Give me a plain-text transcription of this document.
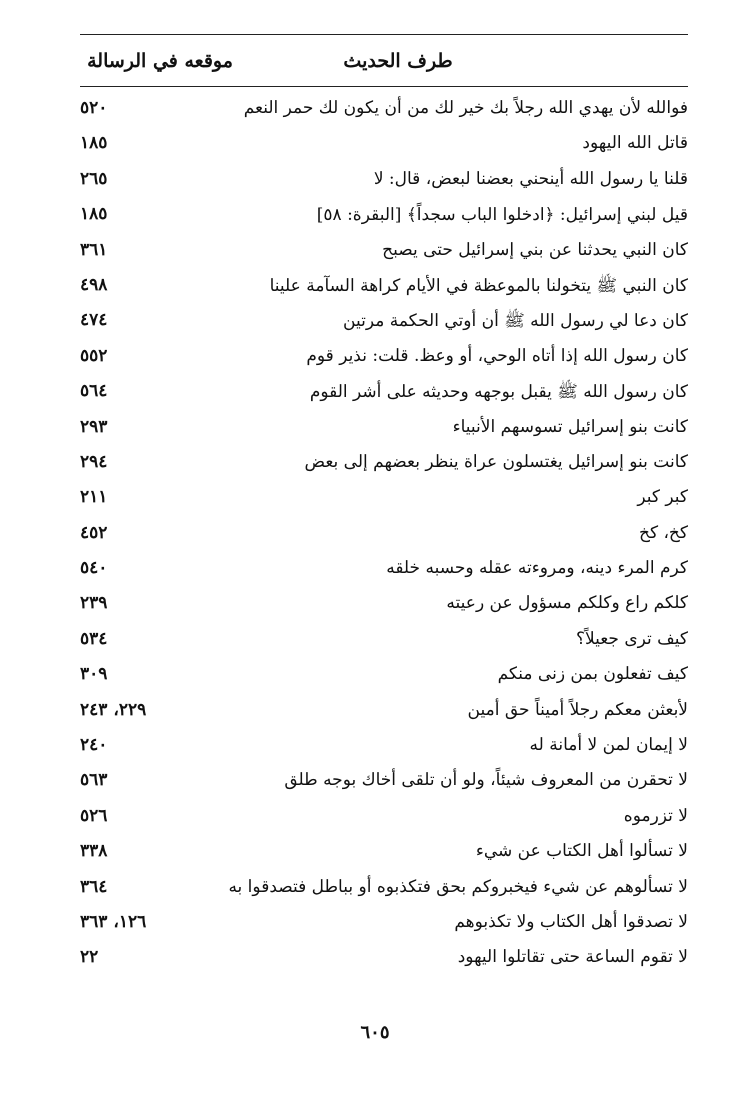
طرف الحديث
موقعه في الرسالة
فوالله لأن يهدي الله رجلاً بك خير لك من أن يكون لك حمر النعم
٥٢٠
قاتل الله اليهود
١٨٥
قلنا يا رسول الله أينحني بعضنا لبعض، قال: لا
٢٦٥
قيل لبني إسرائيل: ﴿ادخلوا الباب سجداً﴾ [البقرة: ٥٨]
١٨٥
كان النبي يحدثنا عن بني إسرائيل حتى يصبح
٣٦١
كان النبي ﷺ يتخولنا بالموعظة في الأيام كراهة السآمة علينا
٤٩٨
كان دعا لي رسول الله ﷺ أن أوتي الحكمة مرتين
٤٧٤
كان رسول الله إذا أتاه الوحي، أو وعظ. قلت: نذير قوم
٥٥٢
كان رسول الله ﷺ يقبل بوجهه وحديثه على أشر القوم
٥٦٤
كانت بنو إسرائيل تسوسهم الأنبياء
٢٩٣
كانت بنو إسرائيل يغتسلون عراة ينظر بعضهم إلى بعض
٢٩٤
كبر كبر
٢١١
كخ، كخ
٤٥٢
كرم المرء دينه، ومروءته عقله وحسبه خلقه
٥٤٠
كلكم راع وكلكم مسؤول عن رعيته
٢٣٩
كيف ترى جعيلاً؟
٥٣٤
كيف تفعلون بمن زنى منكم
٣٠٩
لأبعثن معكم رجلاً أميناً حق أمين
٢٢٩، ٢٤٣
لا إيمان لمن لا أمانة له
٢٤٠
لا تحقرن من المعروف شيئاً، ولو أن تلقى أخاك بوجه طلق
٥٦٣
لا تزرموه
٥٢٦
لا تسألوا أهل الكتاب عن شيء
٣٣٨
لا تسألوهم عن شيء فيخبروكم بحق فتكذبوه أو بباطل فتصدقوا به
٣٦٤
لا تصدقوا أهل الكتاب ولا تكذبوهم
١٢٦، ٣٦٣
لا تقوم الساعة حتى تقاتلوا اليهود
٢٢
٦٠٥
